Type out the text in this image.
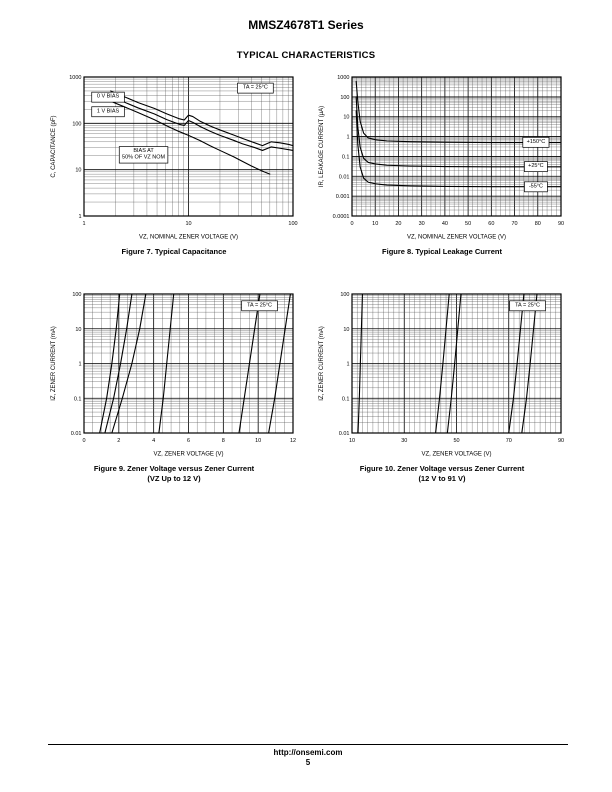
MMSZ4678T1 Series
TYPICAL CHARACTERISTICS
1	10	100
1
10
100
1000
VZ, NOMINAL ZENER VOLTAGE (V)
C, CAPACITANCE (pF)
TA = 25°C
0 V BIAS
1 V BIAS
BIAS AT
50% OF VZ NOM
Figure 7. Typical Capacitance
0	10	20	30	40	50	60	70	80	90
1000
100
10
1
0.1
0.01
0.001
0.0001
VZ, NOMINAL ZENER VOLTAGE (V)
IR, LEAKAGE CURRENT (µA)	+150°C
+25°C
-55°C
Figure 8. Typical Leakage Current
0	2	4	6	8	10	12
100
10
1
0.1
0.01
VZ, ZENER VOLTAGE (V)
IZ, ZENER CURRENT (mA)
TA = 25°C
Figure 9. Zener Voltage versus Zener Current
(VZ Up to 12 V)
10	30	50	70	90
100
10
1
0.1
0.01
VZ, ZENER VOLTAGE (V)
IZ, ZENER CURRENT (mA)
TA = 25°C
Figure 10. Zener Voltage versus Zener Current
(12 V to 91 V)
http://onsemi.com
5
